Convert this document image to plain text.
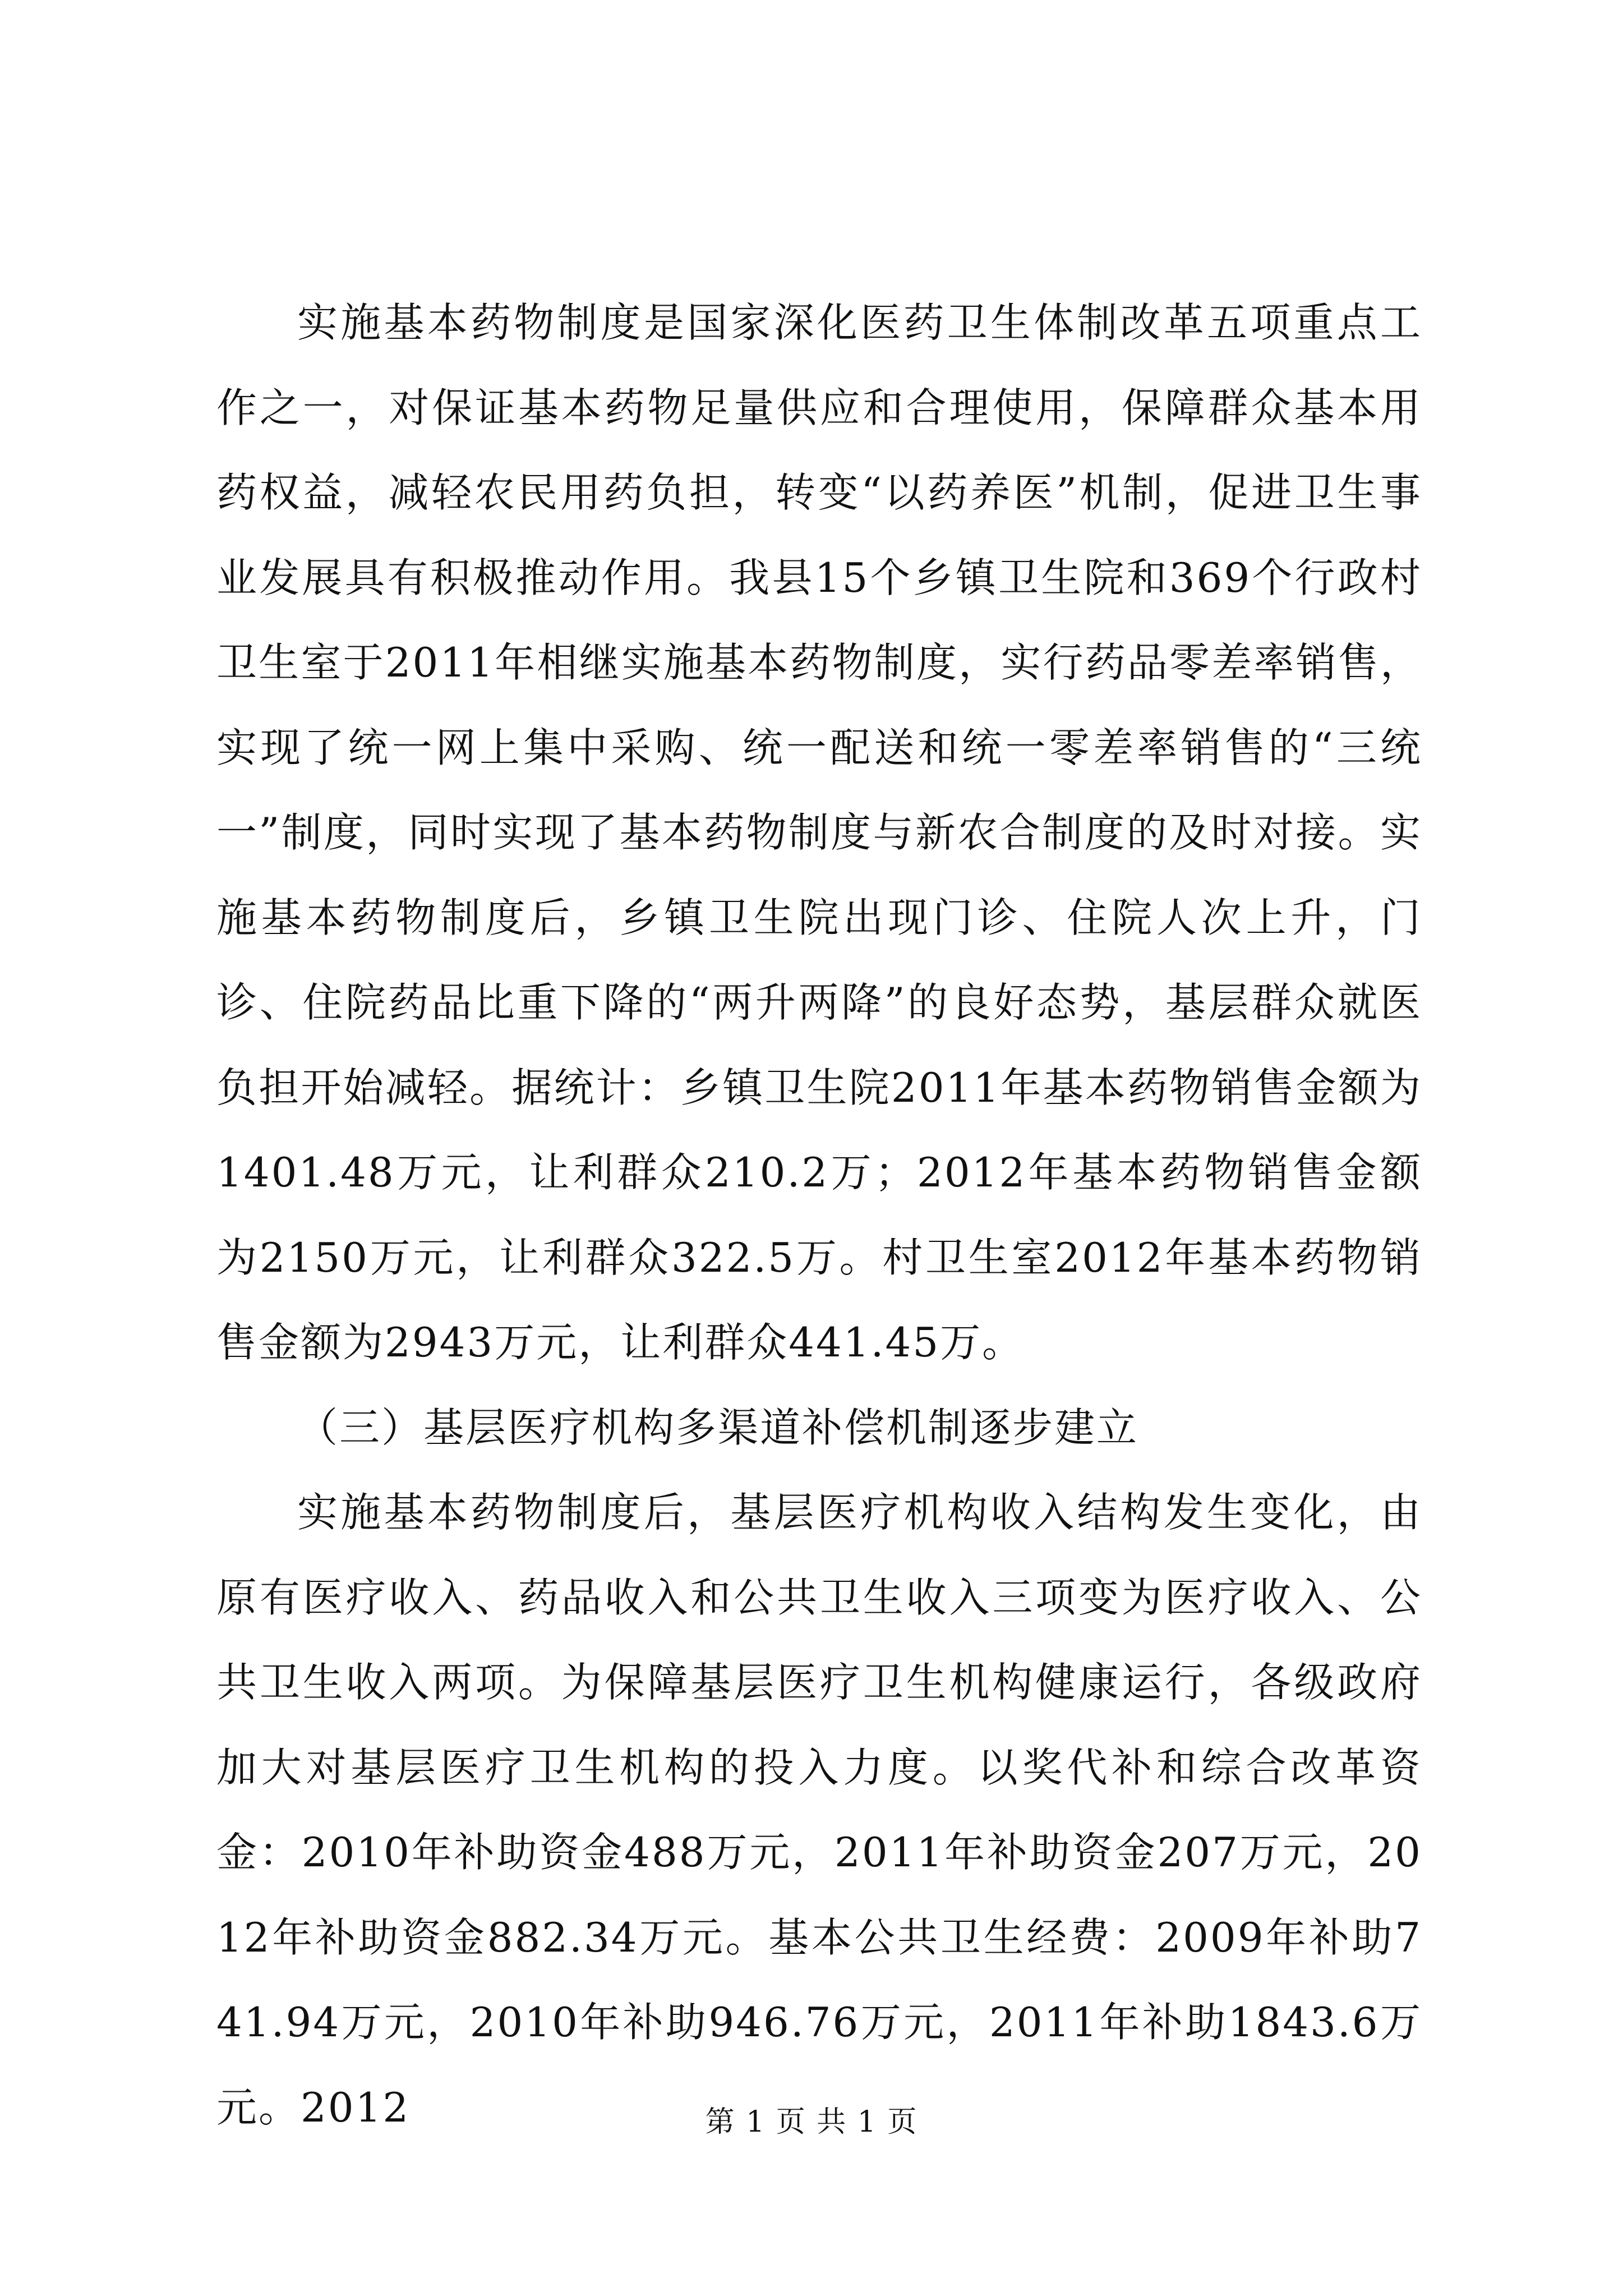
实施基本药物制度是国家深化医药卫生体制改革五项重点工作之一，对保证基本药物足量供应和合理使用，保障群众基本用药权益，减轻农民用药负担，转变“以药养医”机制，促进卫生事业发展具有积极推动作用。我县15个乡镇卫生院和369个行政村卫生室于2011年相继实施基本药物制度，实行药品零差率销售，实现了统一网上集中采购、统一配送和统一零差率销售的“三统一”制度，同时实现了基本药物制度与新农合制度的及时对接。实施基本药物制度后，乡镇卫生院出现门诊、住院人次上升，门诊、住院药品比重下降的“两升两降”的良好态势，基层群众就医负担开始减轻。据统计：乡镇卫生院2011年基本药物销售金额为1401.48万元，让利群众210.2万；2012年基本药物销售金额为2150万元，让利群众322.5万。村卫生室2012年基本药物销售金额为2943万元，让利群众441.45万。

（三）基层医疗机构多渠道补偿机制逐步建立

实施基本药物制度后，基层医疗机构收入结构发生变化，由原有医疗收入、药品收入和公共卫生收入三项变为医疗收入、公共卫生收入两项。为保障基层医疗卫生机构健康运行，各级政府加大对基层医疗卫生机构的投入力度。以奖代补和综合改革资金：2010年补助资金488万元，2011年补助资金207万元，2012年补助资金882.34万元。基本公共卫生经费：2009年补助741.94万元，2010年补助946.76万元，2011年补助1843.6万元。2012	第 1 页 共 1 页
